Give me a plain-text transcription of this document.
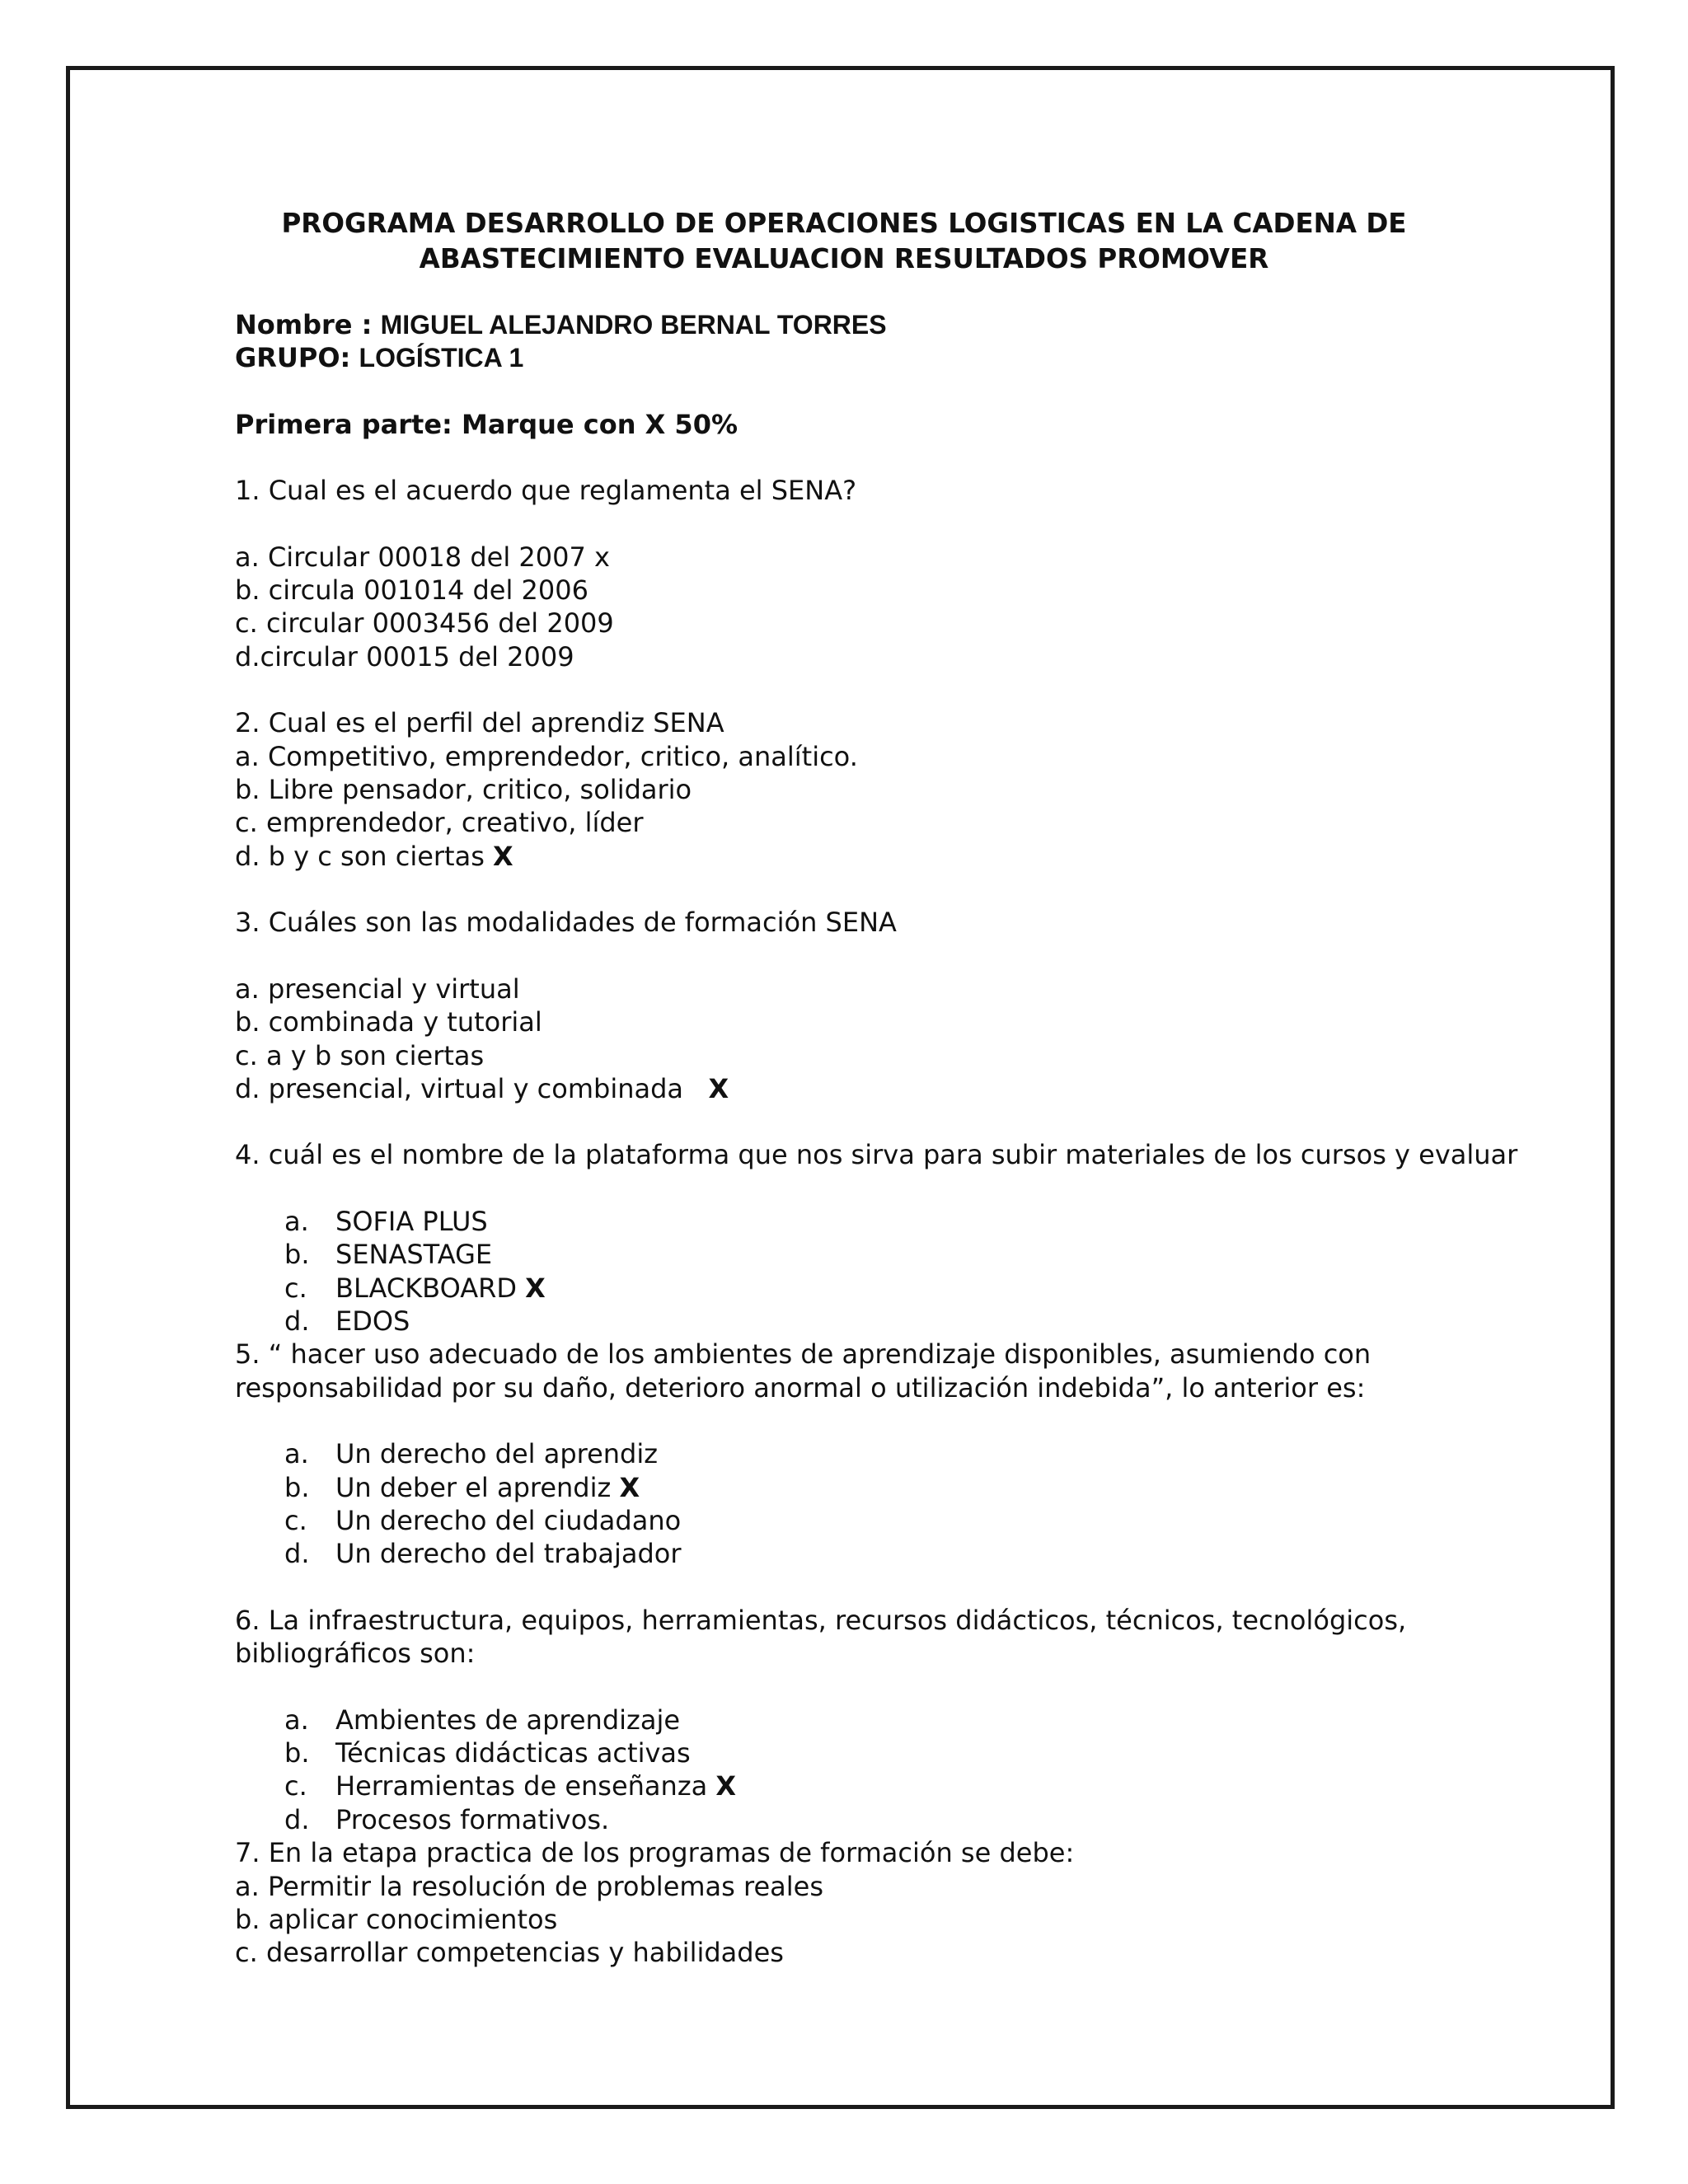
PROGRAMA DESARROLLO DE OPERACIONES LOGISTICAS EN LA CADENA DE
ABASTECIMIENTO EVALUACION RESULTADOS PROMOVER
Nombre : MIGUEL ALEJANDRO BERNAL TORRES
GRUPO: LOGÍSTICA 1
Primera parte: Marque con X 50%
1. Cual es el acuerdo que reglamenta el SENA?
a. Circular 00018 del 2007 x
b. circula 001014 del 2006
c. circular 0003456 del 2009
d.circular 00015 del 2009
2. Cual es el perfil del aprendiz SENA
a. Competitivo, emprendedor, critico, analítico.
b. Libre pensador, critico, solidario
c. emprendedor, creativo, líder
d. b y c son ciertas X
3. Cuáles son las modalidades de formación SENA
a. presencial y virtual
b. combinada y tutorial
c. a y b son ciertas
d. presencial, virtual y combinada   X
4. cuál es el nombre de la plataforma que nos sirva para subir materiales de los cursos y evaluar
a. SOFIA PLUS
b. SENASTAGE
c. BLACKBOARD X
d. EDOS
5. “ hacer uso adecuado de los ambientes de aprendizaje disponibles, asumiendo con
responsabilidad por su daño, deterioro anormal o utilización indebida”, lo anterior es:
a. Un derecho del aprendiz
b. Un deber el aprendiz X
c. Un derecho del ciudadano
d. Un derecho del trabajador
6. La infraestructura, equipos, herramientas, recursos didácticos, técnicos, tecnológicos,
bibliográficos son:
a. Ambientes de aprendizaje
b. Técnicas didácticas activas
c. Herramientas de enseñanza X
d. Procesos formativos.
7. En la etapa practica de los programas de formación se debe:
a. Permitir la resolución de problemas reales
b. aplicar conocimientos
c. desarrollar competencias y habilidades
